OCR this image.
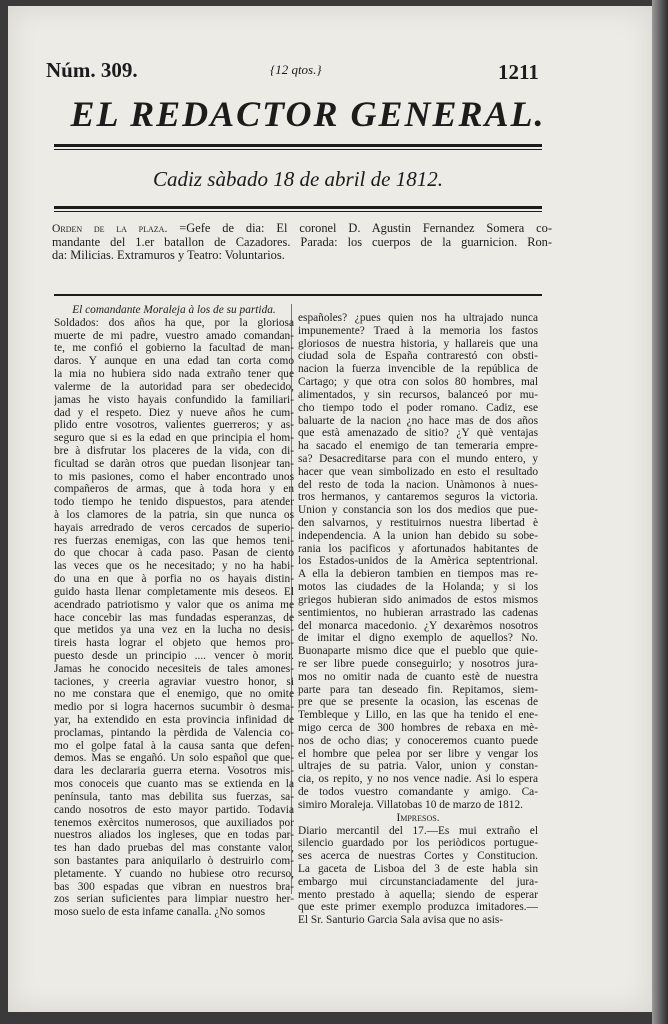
Núm. 309.	{12 qtos.}	1211
EL REDACTOR GENERAL.
Cadiz sàbado 18 de abril de 1812.
Orden de la plaza. =Gefe de dia: El coronel D. Agustin Fernandez Somera co-
mandante del 1.er batallon de Cazadores. Parada: los cuerpos de la guarnicion. Ron-
da: Milicias. Extramuros y Teatro: Voluntarios.
El comandante Moraleja à los de su partida.
Soldados: dos años ha que, por la gloriosa
muerte de mi padre, vuestro amado comandan-
te, me confió el gobierno la facultad de man-
daros. Y aunque en una edad tan corta como
la mia no hubiera sido nada extraño tener que
valerme de la autoridad para ser obedecido,
jamas he visto hayais confundido la familiari-
dad y el respeto. Diez y nueve años he cum-
plido entre vosotros, valientes guerreros; y as-
seguro que si es la edad en que principia el hom-
bre à disfrutar los placeres de la vida, con di-
ficultad se daràn otros que puedan lisonjear tan-
to mis pasiones, como el haber encontrado unos
compañeros de armas, que à toda hora y en
todo tiempo he tenido dispuestos, para atender
à los clamores de la patria, sin que nunca os
hayais arredrado de veros cercados de superio-
res fuerzas enemigas, con las que hemos teni-
do que chocar à cada paso. Pasan de ciento
las veces que os he necesitado; y no ha habi-
do una en que à porfia no os hayais distin-
guido hasta llenar completamente mis deseos. El
acendrado patriotismo y valor que os anima me
hace concebir las mas fundadas esperanzas, de
que metidos ya una vez en la lucha no desis-
tireis hasta lograr el objeto que hemos pro-
puesto desde un principio .... vencer ò morir.
Jamas he conocido necesiteis de tales amones-
taciones, y creeria agraviar vuestro honor, si
no me constara que el enemigo, que no omite
medio por si logra hacernos sucumbir ò desma-
yar, ha extendido en esta provincia infinidad de
proclamas, pintando la pèrdida de Valencia co-
mo el golpe fatal à la causa santa que defen-
demos. Mas se engañó. Un solo español que que-
dara les declararia guerra eterna. Vosotros mis-
mos conoceis que cuanto mas se extienda en la
península, tanto mas debilita sus fuerzas, sa-
cando nosotros de esto mayor partido. Todavia
tenemos exèrcitos numerosos, que auxiliados por
nuestros aliados los ingleses, que en todas par-
tes han dado pruebas del mas constante valor,
son bastantes para aniquilarlo ò destruirlo com-
pletamente. Y cuando no hubiese otro recurso,
bas 300 espadas que vibran en nuestros bra-
zos serian suficientes para limpiar nuestro her-
moso suelo de esta infame canalla. ¿No somos
españoles? ¿pues quien nos ha ultrajado nunca
impunemente? Traed à la memoria los fastos
gloriosos de nuestra historia, y hallareis que una
ciudad sola de España contrarestó con obsti-
nacion la fuerza invencible de la república de
Cartago; y que otra con solos 80 hombres, mal
alimentados, y sin recursos, balanceó por mu-
cho tiempo todo el poder romano. Cadiz, ese
baluarte de la nacion ¿no hace mas de dos años
que està amenazado de sitio? ¿Y què ventajas
ha sacado el enemigo de tan temeraria empre-
sa? Desacreditarse para con el mundo entero, y
hacer que vean simbolizado en esto el resultado
del resto de toda la nacion. Unàmonos à nues-
tros hermanos, y cantaremos seguros la victoria.
Union y constancia son los dos medios que pue-
den salvarnos, y restituirnos nuestra libertad è
independencia. A la union han debido su sobe-
rania los pacificos y afortunados habitantes de
los Estados-unidos de la Amèrica septentrional.
A ella la debieron tambien en tiempos mas re-
motos las ciudades de la Holanda; y si los
griegos hubieran sido animados de estos mismos
sentimientos, no hubieran arrastrado las cadenas
del monarca macedonio. ¿Y dexarèmos nosotros
de imitar el digno exemplo de aquellos? No.
Buonaparte mismo dice que el pueblo que quie-
re ser libre puede conseguirlo; y nosotros jura-
mos no omitir nada de cuanto estè de nuestra
parte para tan deseado fin. Repitamos, siem-
pre que se presente la ocasion, las escenas de
Tembleque y Lillo, en las que ha tenido el ene-
migo cerca de 300 hombres de rebaxa en mè-
nos de ocho dias; y conoceremos cuanto puede
el hombre que pelea por ser libre y vengar los
ultrajes de su patria. Valor, union y constan-
cia, os repito, y no nos vence nadie. Asi lo espera
de todos vuestro comandante y amigo. Ca-
simiro Moraleja. Villatobas 10 de marzo de 1812.
Impresos.
Diario mercantil del 17.—Es mui extraño el
silencio guardado por los periòdicos portugue-
ses acerca de nuestras Cortes y Constitucion.
La gaceta de Lisboa del 3 de este habla sin
embargo mui circunstanciadamente del jura-
mento prestado à aquella; siendo de esperar
que este primer exemplo produzca imitadores.—
El Sr. Santurio Garcia Sala avisa que no asis-
